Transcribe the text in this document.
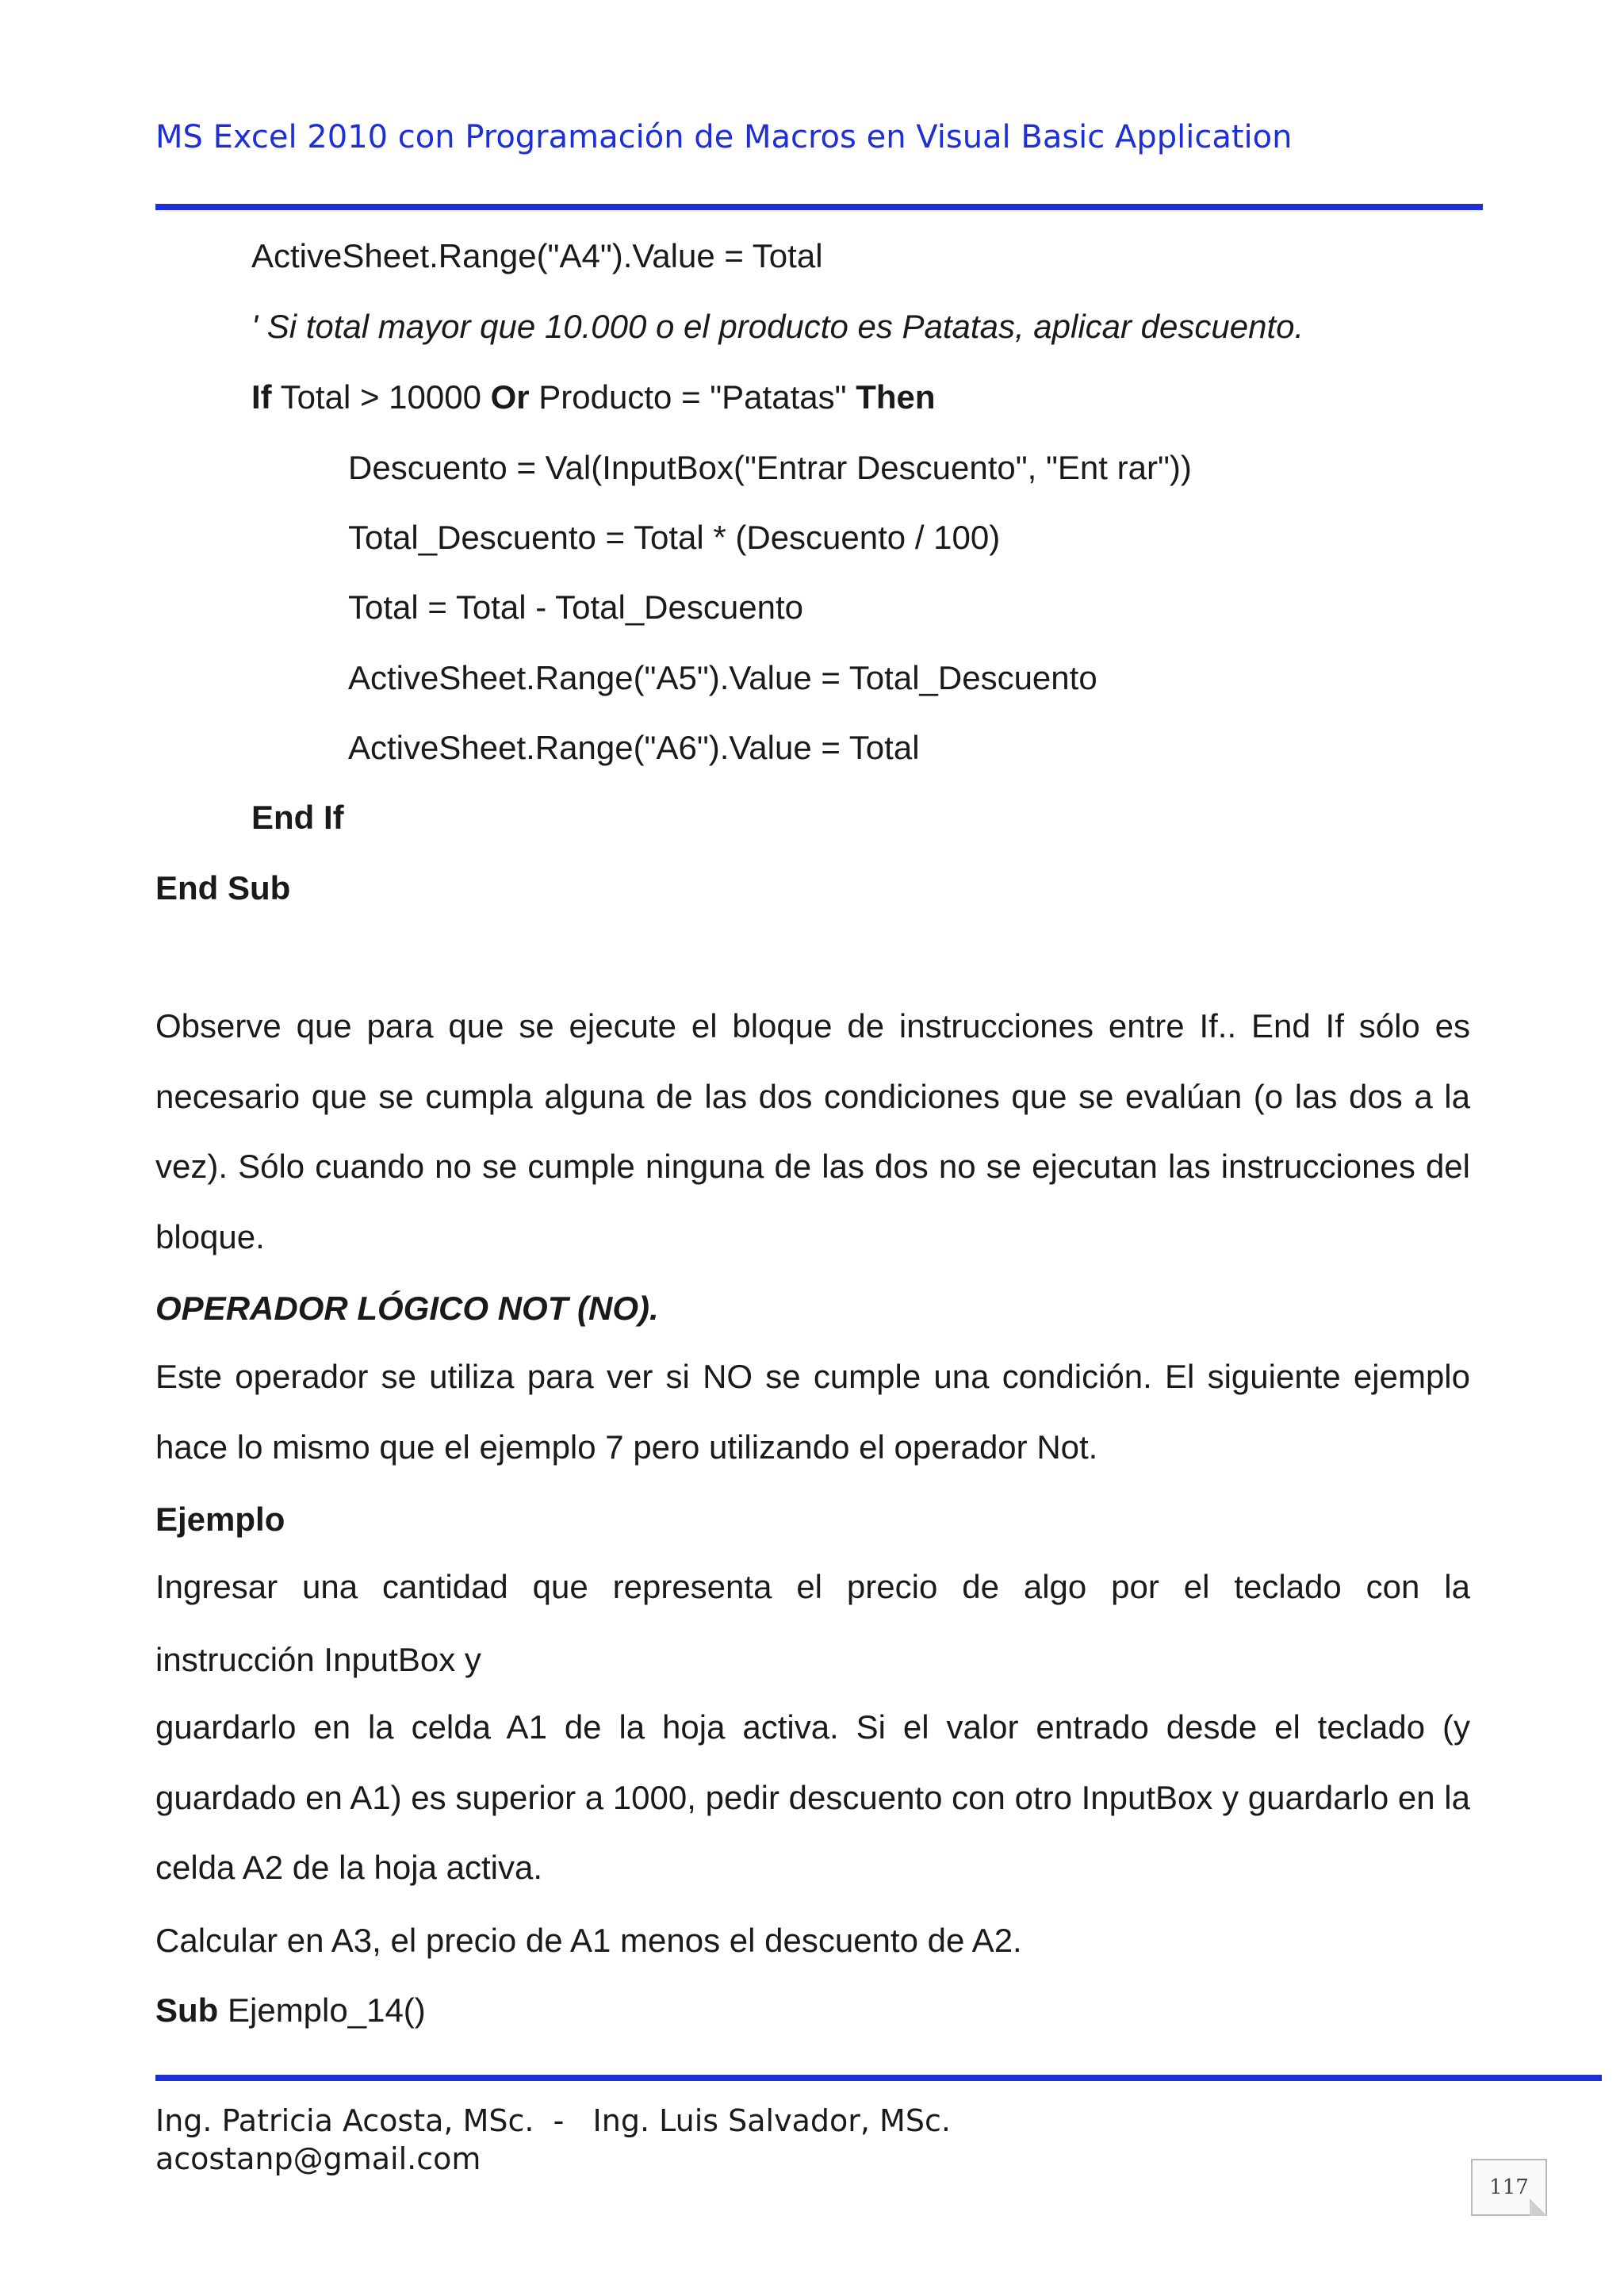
MS Excel 2010 con Programación de Macros en Visual Basic Application
ActiveSheet.Range("A4").Value = Total
' Si total mayor que 10.000 o el producto es Patatas, aplicar descuento.
If Total > 10000 Or Producto = "Patatas" Then
Descuento = Val(InputBox("Entrar Descuento", "Ent rar"))
Total_Descuento = Total * (Descuento / 100)
Total = Total - Total_Descuento
ActiveSheet.Range("A5").Value = Total_Descuento
ActiveSheet.Range("A6").Value = Total
End If
End Sub
Observe que para que se ejecute el bloque de instrucciones entre If.. End If sólo es necesario que se cumpla alguna de las dos condiciones que se evalúan (o las dos a la vez). Sólo cuando no se cumple ninguna de las dos no se ejecutan las instrucciones del bloque.
OPERADOR LÓGICO NOT (NO).
Este operador se utiliza para ver si NO se cumple una condición. El siguiente ejemplo hace lo mismo que el ejemplo 7 pero utilizando el operador Not.
Ejemplo
Ingresar una cantidad que representa el precio de algo por el teclado con la
instrucción InputBox y
guardarlo en la celda A1 de la hoja activa. Si el valor entrado desde el teclado (y guardado en A1) es superior a 1000, pedir descuento con otro InputBox y guardarlo en la celda A2 de la hoja activa.
Calcular en A3, el precio de A1 menos el descuento de A2.
Sub Ejemplo_14()
Ing. Patricia Acosta, MSc.  -   Ing. Luis Salvador, MSc.
acostanp@gmail.com
117
